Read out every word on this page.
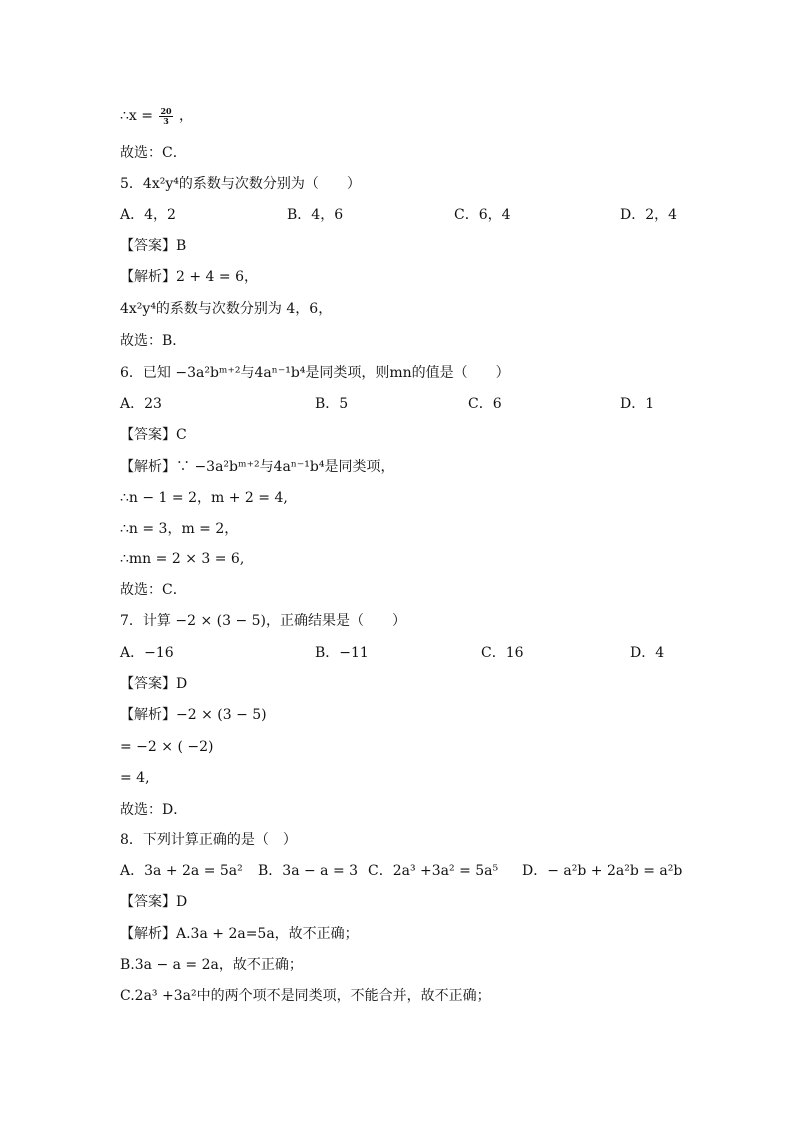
∴x = $\frac{20}{3}$ ，
故选：C．
5．4x²y⁴的系数与次数分别为（　　）
A．4，2	B．4，6	C．6，4	D．2，4
【答案】B
【解析】2 + 4 = 6，
4x²y⁴的系数与次数分别为 4，6，
故选：B．
6．已知 −3a²bᵐ⁺²与4aⁿ⁻¹b⁴是同类项，则mn的值是（　　）
A．23	B．5	C．6	D．1
【答案】C
【解析】∵ −3a²bᵐ⁺²与4aⁿ⁻¹b⁴是同类项，
∴n − 1 = 2，m + 2 = 4,
∴n = 3，m = 2，
∴mn = 2 × 3 = 6,
故选：C．
7．计算 −2 × (3 − 5)，正确结果是（　　）
A．−16	B．−11	C．16	D．4
【答案】D
【解析】−2 × (3 − 5)
= −2 × ( −2)
= 4,
故选：D．
8．下列计算正确的是（　）
A．3a + 2a = 5a² B．3a − a = 3 C．2a³ +3a² = 5a⁵ D．− a²b + 2a²b = a²b
【答案】D
【解析】A.3a + 2a=5a，故不正确；
B.3a − a = 2a，故不正确；
C.2a³ +3a²中的两个项不是同类项，不能合并，故不正确；
